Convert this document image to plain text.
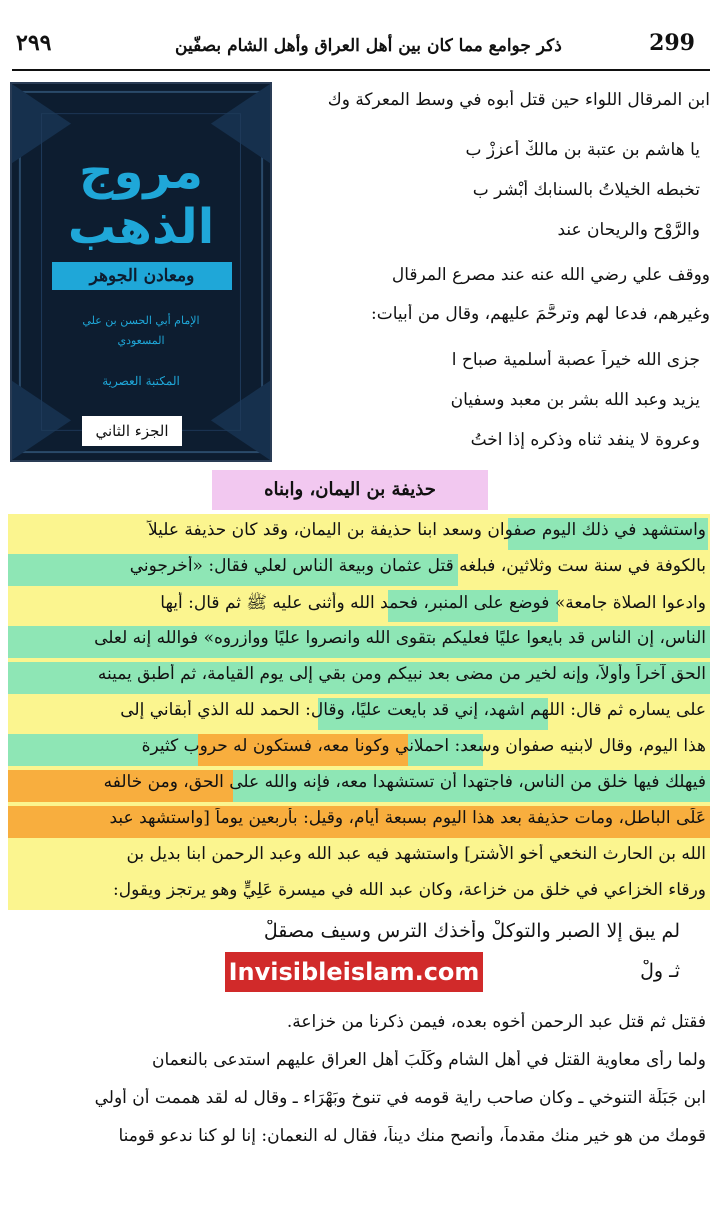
٢٩٩	ذكر جوامع مما كان بين أهل العراق وأهل الشام بصفّين	299
مروج
الذهب
ومعادن الجوهر
الإمام أبي الحسن بن علي
المسعودي
المكتبة العصرية
الجزء الثاني
ابن المرقال اللواء حين قتل أبوه في وسط المعركة وك
يا هاشم بن عتبة بن مالكْ أعززْ ب
تخبطه الخيلاتُ بالسنابك أبْشر ب
والرَّوْحِ والريحان عند
ووقف علي رضي الله عنه عند مصرع المرقال
وغيرهم، فدعا لهم وترحَّمَ عليهم، وقال من أبيات:
جزى الله خيراً عصبة أسلمية صباح ا
يزيد وعبد الله بشر بن معبد وسفيان
وعروة لا ينفد ثناه وذكره إذا اختُ
حذيفة بن اليمان، وابناه
واستشهد في ذلك اليوم صفوان وسعد ابنا حذيفة بن اليمان، وقد كان حذيفة عليلاً
بالكوفة في سنة ست وثلاثين، فبلغه قتل عثمان وبيعة الناس لعلي فقال: «أخرجوني
وادعوا الصلاة جامعة» فوضع على المنبر، فحمد الله وأثنى عليه ﷺ ثم قال: أيها
الناس، إن الناس قد بايعوا عليًا فعليكم بتقوى الله وانصروا عليًا ووازروه» فوالله إنه لعلى
الحق آخراً وأولاً، وإنه لخير من مضى بعد نبيكم ومن بقي إلى يوم القيامة، ثم أطبق يمينه
على يساره ثم قال: اللهم اشهد، إني قد بايعت عليًا، وقال: الحمد لله الذي أبقاني إلى
هذا اليوم، وقال لابنيه صفوان وسعد: احملاني وكونا معه، فستكون له حروب كثيرة
فيهلك فيها خلق من الناس، فاجتهدا أن تستشهدا معه، فإنه والله على الحق، ومن خالفه
عَلَى الباطل، ومات حذيفة بعد هذا اليوم بسبعة أيام، وقيل: بأربعين يوماً [واستشهد عبد
الله بن الحارث النخعي أخو الأشتر] واستشهد فيه عبد الله وعبد الرحمن ابنا بديل بن
ورقاء الخزاعي في خلق من خزاعة، وكان عبد الله في ميسرة عَلِيٍّ وهو يرتجز ويقول:
لم يبق إلا الصبر والتوكلْ وأخذك الترس وسيف مصقلْ
ثـ ولْ
Invisibleislam.com
فقتل ثم قتل عبد الرحمن أخوه بعده، فيمن ذكرنا من خزاعة.
ولما رأى معاوية القتل في أهل الشام وكَلَبَ أهل العراق عليهم استدعى بالنعمان
ابن جَبَلَة التنوخي ـ وكان صاحب راية قومه في تنوخ وبَهْرَاء ـ وقال له لقد هممت أن أولي
قومك من هو خير منك مقدماً، وأنصح منك ديناً، فقال له النعمان: إنا لو كنا ندعو قومنا
